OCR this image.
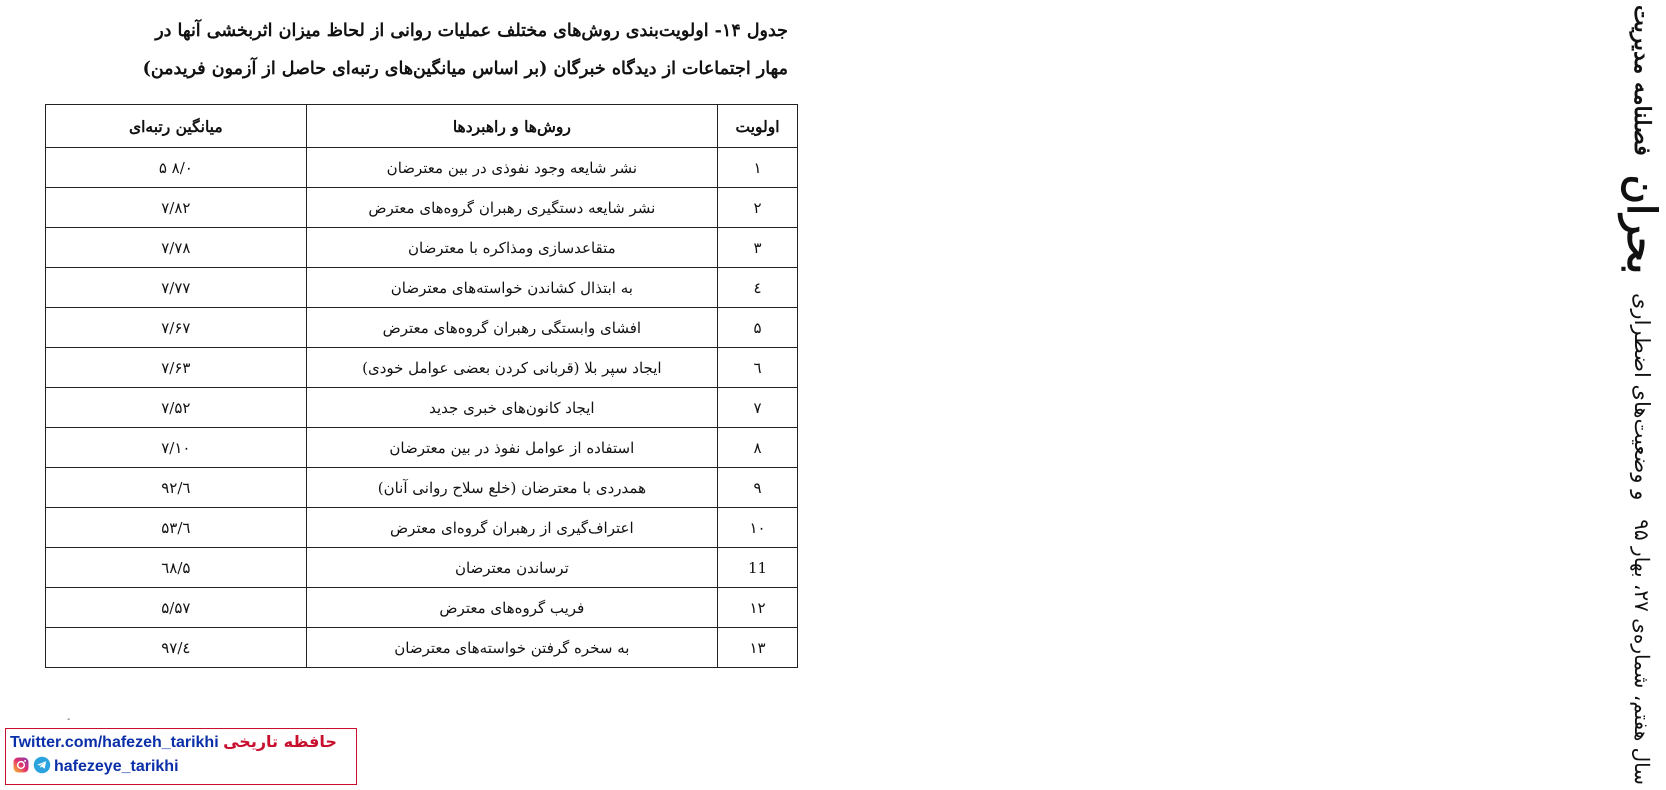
فصلنامه مدیریت
بحران
و وضعیت‌های اضطراری
سال هفتم، شماره‌ی ۲۷، بهار ۹۵
جدول ۱۴- اولویت‌بندی روش‌های مختلف عملیات روانی از لحاظ میزان اثربخشی آنها در
مهار اجتماعات از دیدگاه خبرگان (بر اساس میانگین‌های رتبه‌ای حاصل از آزمون فریدمن)
اولویت	روش‌ها و راهبردها	میانگین رتبه‌ای
۱	نشر شایعه وجود نفوذی در بین معترضان	۸/۰ ۵
۲	نشر شایعه دستگیری رهبران گروه‌های معترض	۷/۸۲
۳	متقاعدسازی ومذاکره با معترضان	۷/۷۸
٤	به ابتذال کشاندن خواسته‌های معترضان	۷/۷۷
۵	افشای وابستگی رهبران گروه‌های معترض	۷/۶۷
٦	ایجاد سپر بلا (قربانی کردن بعضی عوامل خودی)	۷/۶۳
۷	ایجاد کانون‌های خبری جدید	۷/۵۲
۸	استفاده از عوامل نفوذ در بین معترضان	۷/۱۰
۹	همدردی با معترضان (خلع سلاح روانی آنان)	٦/۹۲
۱۰	اعتراف‌گیری از رهبران گروه‌ای معترض	٦/۵۳
11	ترساندن معترضان	۵/٦۸
۱۲	فریب گروه‌های معترض	۵/۵۷
۱۳	به سخره گرفتن خواسته‌های معترضان	٤/۹۷
-
Twitter.com/hafezeh_tarikhi حافظه تاریخی
hafezeye_tarikhi
